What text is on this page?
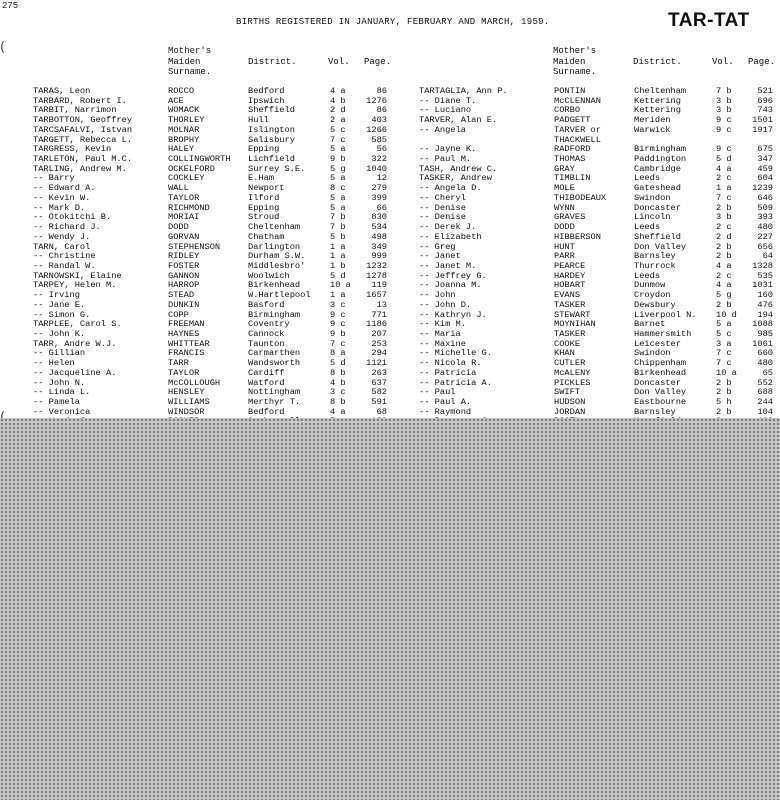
275
BIRTHS REGISTERED IN JANUARY, FEBRUARY AND MARCH, 1959.	TAR-TAT
(	Mother's
Maiden
Surname.
District.	Vol. Page.
Mother's
Maiden
Surname.
District.	Vol. Page.
TARAS, Leon	ROCCO	Bedford	4 a	86
TARBARD, Robert I.	ACE	Ipswich	4 b	1276
TARBIT, Narrimon	WOMACK	Sheffield	2 d	86
TARBOTTON, Geoffrey	THORLEY	Hull	2 a	403
TARCSAFALVI, Istvan	MOLNAR	Islington	5 c	1266
TARGETT, Rebecca L.	BROPHY	Salisbury	7 c	585
TARGRESS, Kevin	HALEY	Epping	5 a	56
TARLETON, Paul M.C.	COLLINGWORTH	Lichfield	9 b	322
TARLING, Andrew M.	OCKELFORD	Surrey S.E.	5 g	1040
-- Barry	COCKLEY	E.Ham	5 a	12
-- Edward A.	WALL	Newport	8 c	279
-- Kevin W.	TAYLOR	Ilford	5 a	399
-- Mark D.	RICHMOND	Epping	5 a	66
-- Otokitchi B.	MORIAI	Stroud	7 b	830
-- Richard J.	DODD	Cheltenham	7 b	534
-- Wendy J.	GORVAN	Chatham	5 b	498
TARN, Carol	STEPHENSON	Darlington	1 a	349
-- Christine	RIDLEY	Durham S.W.	1 a	999
-- Randal W.	FOSTER	Middlesbro'	1 b	1232
TARNOWSKI, Elaine	GANNON	Woolwich	5 d	1278
TARPEY, Helen M.	HARROP	Birkenhead	10 a	119
-- Irving	STEAD	W.Hartlepool	1 a	1657
-- Jane E.	DUNKIN	Basford	3 c	13
-- Simon G.	COPP	Birmingham	9 c	771
TARPLEE, Carol S.	FREEMAN	Coventry	9 c	1186
-- John K.	HAYNES	Cannock	9 b	207
TARR, Andre W.J.	WHITTEAR	Taunton	7 c	253
-- Gillian	FRANCIS	Carmarthen	8 a	294
-- Helen	TARR	Wandsworth	5 d	1121
-- Jacqueline A.	TAYLOR	Cardiff	8 b	263
-- John N.	McCOLLOUGH	Watford	4 b	637
-- Linda L.	HENSLEY	Nottingham	3 c	582
-- Pamela	WILLIAMS	Merthyr T.	8 b	591
-- Veronica	WINDSOR	Bedford	4 a	68
TARTAGLIA, Ann P.	PONTIN	Cheltenham	7 b	521
-- Diane T.	McCLENNAN	Kettering	3 b	696
-- Luciano	CORBO	Kettering	3 b	743
TARVER, Alan E.	PADGETT	Meriden	9 c	1501
-- Angela	TARVER or	Warwick	9 c	1917
THACKWELL
-- Jayne K.	RADFORD	Birmingham	9 c	675
-- Paul M.	THOMAS	Paddington	5 d	347
TASH, Andrew C.	GRAY	Cambridge	4 a	459
TASKER, Andrew	TIMBLIN	Leeds	2 c	604
-- Angela D.	MOLE	Gateshead	1 a	1239
-- Cheryl	THIBODEAUX	Swindon	7 c	646
-- Denise	WYNN	Doncaster	2 b	509
-- Denise	GRAVES	Lincoln	3 b	393
-- Derek J.	DODD	Leeds	2 c	480
-- Elizabeth	HIBBERSON	Sheffield	2 d	227
-- Greg	HUNT	Don Valley	2 b	656
-- Janet	PARR	Barnsley	2 b	64
-- Janet M.	PEARCE	Thurrock	4 a	1328
-- Jeffrey G.	HARDEY	Leeds	2 c	535
-- Joanna M.	HOBART	Dunmow	4 a	1031
-- John	EVANS	Croydon	5 g	160
-- John D.	TASKER	Dewsbury	2 b	476
-- Kathryn J.	STEWART	Liverpool N.	10 d	194
-- Kim M.	MOYNIHAN	Barnet	5 a	1088
-- Maria	TASKER	Hammersmith	5 c	985
-- Maxine	COOKE	Leicester	3 a	1061
-- Michelle G.	KHAN	Swindon	7 c	660
-- Nicola R.	CUTLER	Chippenham	7 c	480
-- Patricia	McALENY	Birkenhead	10 a	65
-- Patricia A.	PICKLES	Doncaster	2 b	552
-- Paul	SWIFT	Don Valley	2 b	688
-- Paul A.	HUDSON	Eastbourne	5 h	244
-- Raymond	JORDAN	Barnsley	2 b	104
